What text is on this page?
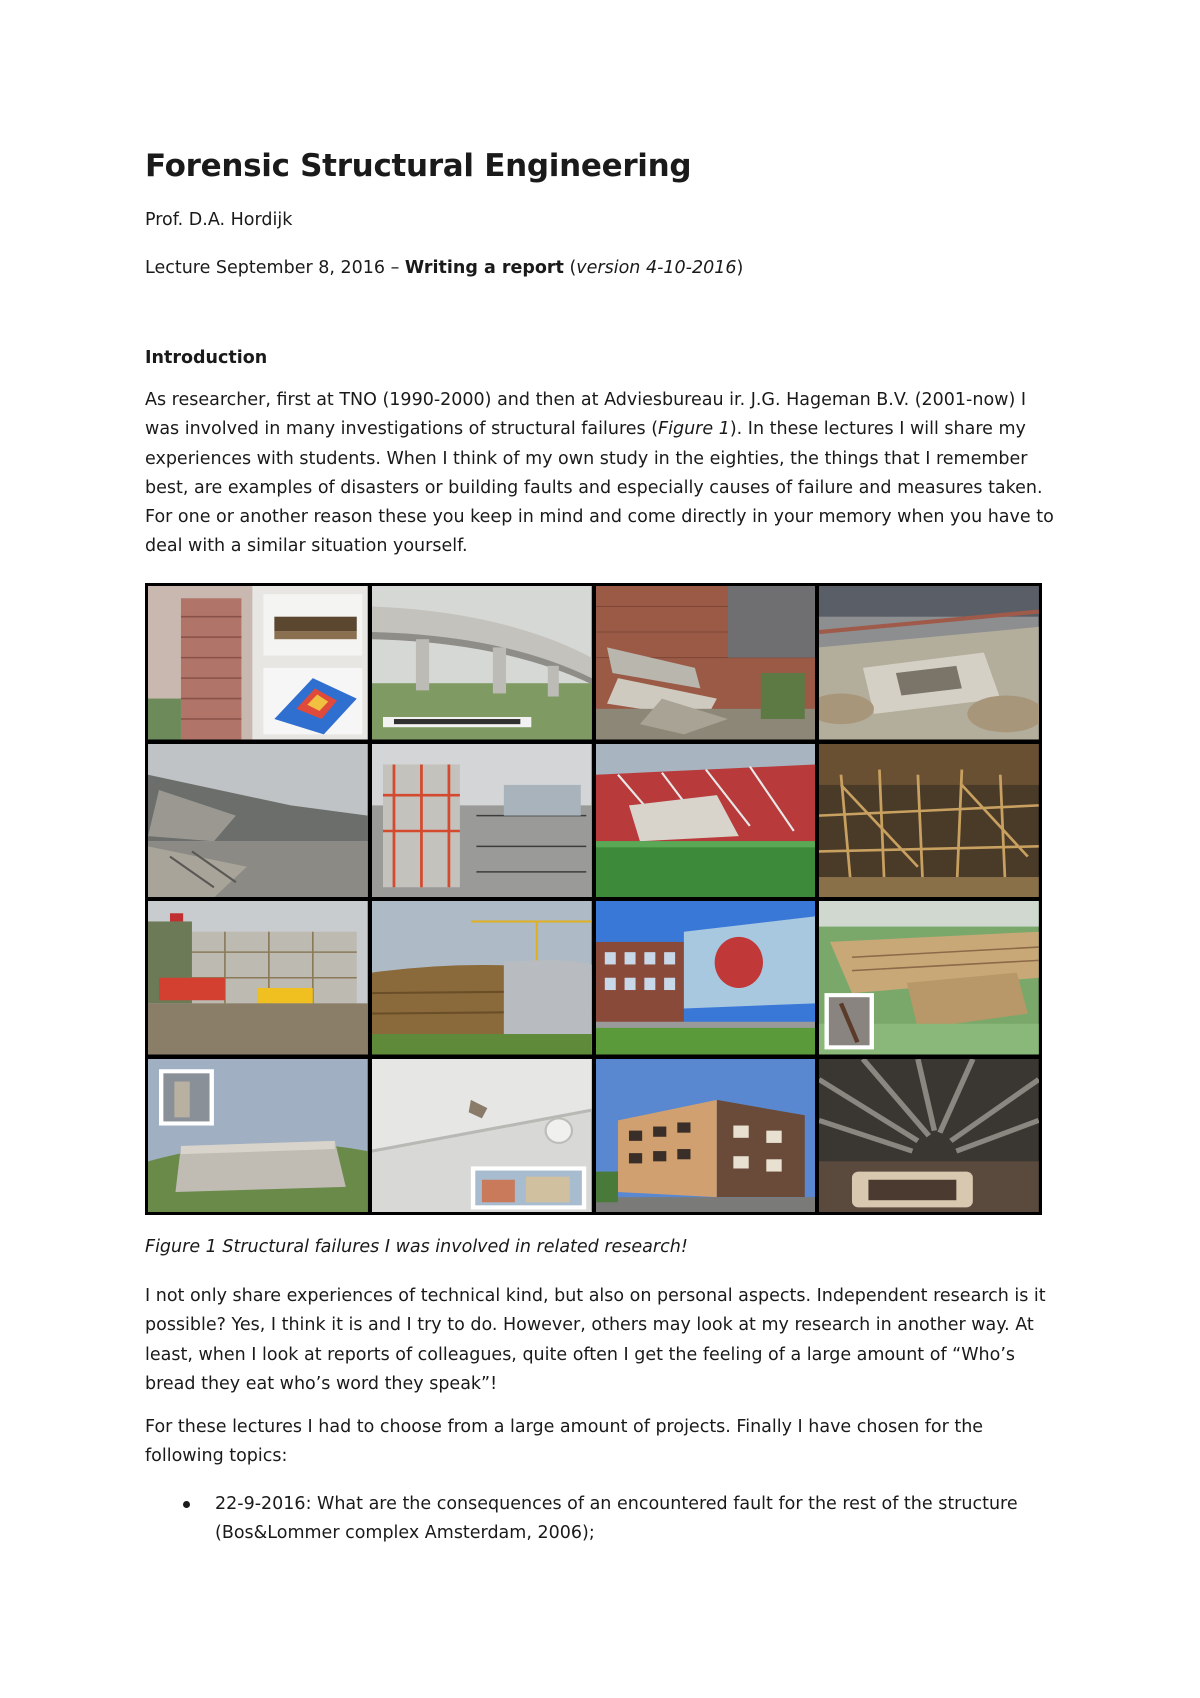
Forensic Structural Engineering

Prof. D.A. Hordijk

Lecture September 8, 2016 – Writing a report (version 4-10-2016)

Introduction

As researcher, first at TNO (1990-2000) and then at Adviesbureau ir. J.G. Hageman B.V. (2001-now) I was involved in many investigations of structural failures (Figure 1). In these lectures I will share my experiences with students. When I think of my own study in the eighties, the things that I remember best, are examples of disasters or building faults and especially causes of failure and measures taken. For one or another reason these you keep in mind and come directly in your memory when you have to deal with a similar situation yourself.

Figure 1 Structural failures I was involved in related research!

I not only share experiences of technical kind, but also on personal aspects. Independent research is it possible? Yes, I think it is and I try to do. However, others may look at my research in another way. At least, when I look at reports of colleagues, quite often I get the feeling of a large amount of “Who’s bread they eat who’s word they speak”!

For these lectures I had to choose from a large amount of projects. Finally I have chosen for the following topics:

22-9-2016: What are the consequences of an encountered fault for the rest of the structure (Bos&Lommer complex Amsterdam, 2006);
